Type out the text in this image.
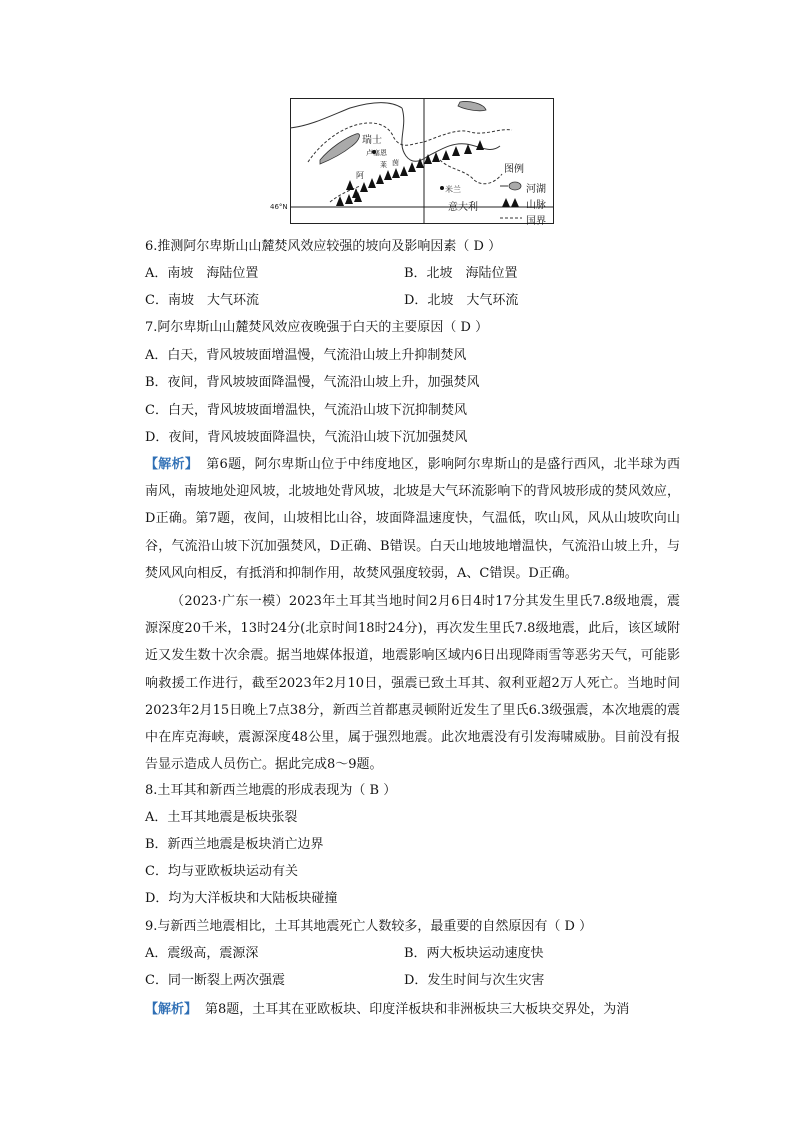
瑞士
卢塞恩
阿
莱 茵
米兰
意大利
46°N
图例
河湖
山脉
国界
6.推测阿尔卑斯山山麓焚风效应较强的坡向及影响因素（ D ）
A．南坡　海陆位置	B．北坡　海陆位置
C．南坡　大气环流	D．北坡　大气环流
7.阿尔卑斯山山麓焚风效应夜晚强于白天的主要原因（ D ）
A．白天，背风坡坡面增温慢，气流沿山坡上升抑制焚风
B．夜间，背风坡坡面降温慢，气流沿山坡上升，加强焚风
C．白天，背风坡坡面增温快，气流沿山坡下沉抑制焚风
D．夜间，背风坡坡面降温快，气流沿山坡下沉加强焚风
【解析】 第6题，阿尔卑斯山位于中纬度地区，影响阿尔卑斯山的是盛行西风，北半球为西南风，南坡地处迎风坡，北坡地处背风坡，北坡是大气环流影响下的背风坡形成的焚风效应，D正确。第7题，夜间，山坡相比山谷，坡面降温速度快，气温低，吹山风，风从山坡吹向山谷，气流沿山坡下沉加强焚风，D正确、B错误。白天山地坡地增温快，气流沿山坡上升，与焚风风向相反，有抵消和抑制作用，故焚风强度较弱，A、C错误。D正确。
（2023·广东一模）2023年土耳其当地时间2月6日4时17分其发生里氏7.8级地震，震源深度20千米，13时24分(北京时间18时24分)，再次发生里氏7.8级地震，此后，该区域附近又发生数十次余震。据当地媒体报道，地震影响区域内6日出现降雨雪等恶劣天气，可能影响救援工作进行，截至2023年2月10日，强震已致土耳其、叙利亚超2万人死亡。当地时间2023年2月15日晚上7点38分，新西兰首都惠灵顿附近发生了里氏6.3级强震，本次地震的震中在库克海峡，震源深度48公里，属于强烈地震。此次地震没有引发海啸威胁。目前没有报告显示造成人员伤亡。据此完成8～9题。
8.土耳其和新西兰地震的形成表现为（ B ）
A．土耳其地震是板块张裂
B．新西兰地震是板块消亡边界
C．均与亚欧板块运动有关
D．均为大洋板块和大陆板块碰撞
9.与新西兰地震相比，土耳其地震死亡人数较多，最重要的自然原因有（ D ）
A．震级高，震源深	B．两大板块运动速度快
C．同一断裂上两次强震	D．发生时间与次生灾害
【解析】 第8题，土耳其在亚欧板块、印度洋板块和非洲板块三大板块交界处，为消
